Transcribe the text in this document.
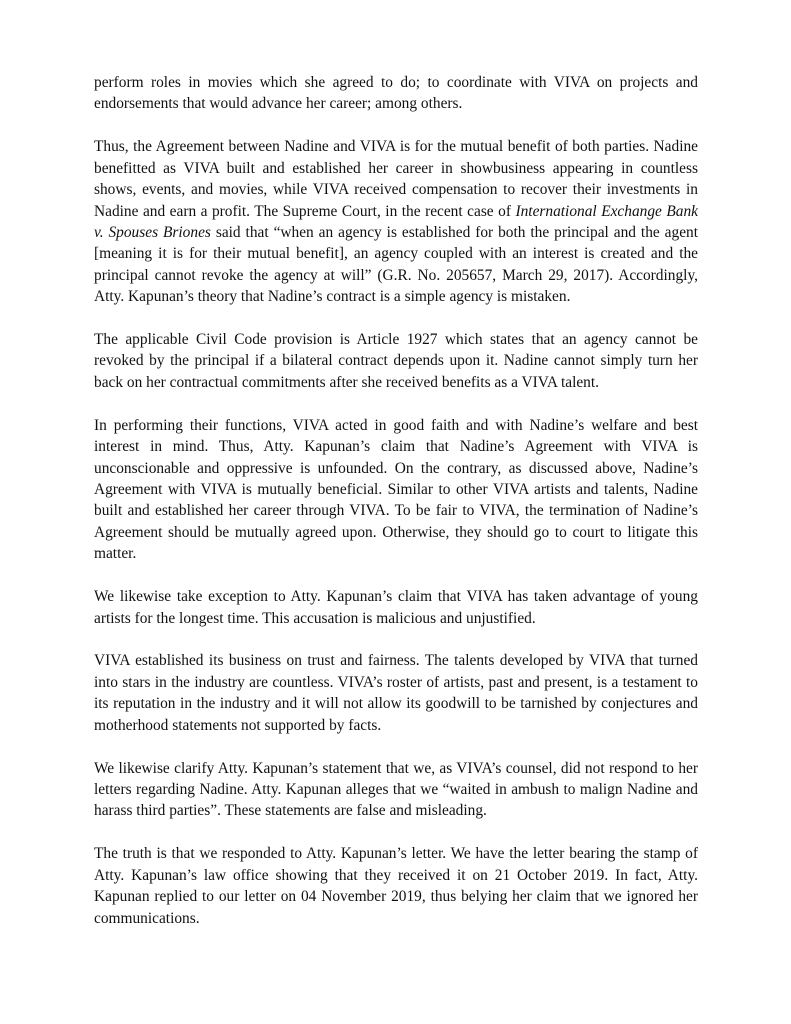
perform roles in movies which she agreed to do; to coordinate with VIVA on projects and endorsements that would advance her career; among others.

Thus, the Agreement between Nadine and VIVA is for the mutual benefit of both parties. Nadine benefitted as VIVA built and established her career in showbusiness appearing in countless shows, events, and movies, while VIVA received compensation to recover their investments in Nadine and earn a profit. The Supreme Court, in the recent case of International Exchange Bank v. Spouses Briones said that “when an agency is established for both the principal and the agent [meaning it is for their mutual benefit], an agency coupled with an interest is created and the principal cannot revoke the agency at will” (G.R. No. 205657, March 29, 2017). Accordingly, Atty. Kapunan’s theory that Nadine’s contract is a simple agency is mistaken.

The applicable Civil Code provision is Article 1927 which states that an agency cannot be revoked by the principal if a bilateral contract depends upon it. Nadine cannot simply turn her back on her contractual commitments after she received benefits as a VIVA talent.

In performing their functions, VIVA acted in good faith and with Nadine’s welfare and best interest in mind. Thus, Atty. Kapunan’s claim that Nadine’s Agreement with VIVA is unconscionable and oppressive is unfounded. On the contrary, as discussed above, Nadine’s Agreement with VIVA is mutually beneficial. Similar to other VIVA artists and talents, Nadine built and established her career through VIVA. To be fair to VIVA, the termination of Nadine’s Agreement should be mutually agreed upon. Otherwise, they should go to court to litigate this matter.

We likewise take exception to Atty. Kapunan’s claim that VIVA has taken advantage of young artists for the longest time. This accusation is malicious and unjustified.

VIVA established its business on trust and fairness. The talents developed by VIVA that turned into stars in the industry are countless. VIVA’s roster of artists, past and present, is a testament to its reputation in the industry and it will not allow its goodwill to be tarnished by conjectures and motherhood statements not supported by facts.

We likewise clarify Atty. Kapunan’s statement that we, as VIVA’s counsel, did not respond to her letters regarding Nadine. Atty. Kapunan alleges that we “waited in ambush to malign Nadine and harass third parties”. These statements are false and misleading.

The truth is that we responded to Atty. Kapunan’s letter. We have the letter bearing the stamp of Atty. Kapunan’s law office showing that they received it on 21 October 2019. In fact, Atty. Kapunan replied to our letter on 04 November 2019, thus belying her claim that we ignored her communications.
